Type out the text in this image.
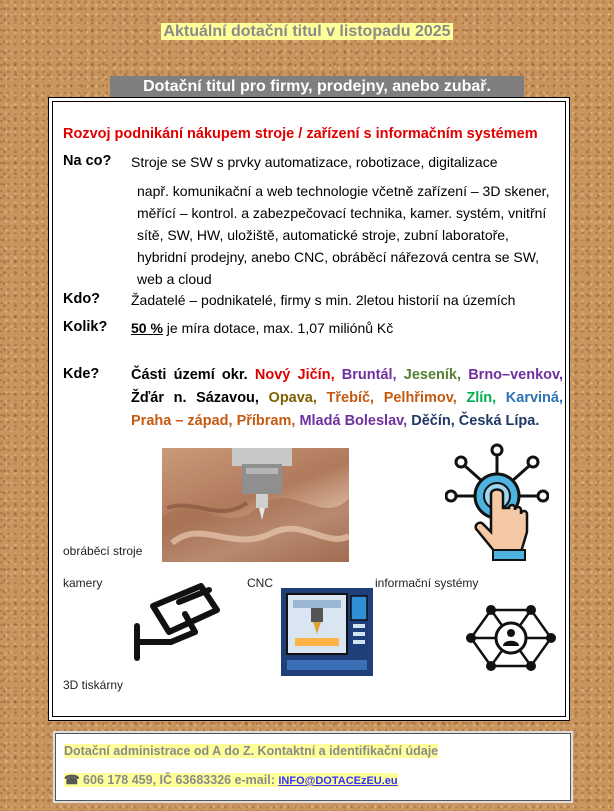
Aktuální dotační titul v listopadu 2025
Dotační titul pro firmy, prodejny, anebo zubař.
Rozvoj podnikání nákupem stroje / zařízení s informačním systémem
Na co? Stroje se SW s prvky automatizace, robotizace, digitalizace
např. komunikační a web technologie včetně zařízení – 3D skener, měřící – kontrol. a zabezpečovací technika, kamer. systém, vnitřní sítě, SW, HW, uložiště, automatické stroje, zubní laboratoře, hybridní prodejny, anebo CNC, obráběcí nářezová centra se SW, web a cloud
Kdo? Žadatelé – podnikatelé, firmy s min. 2letou historií na územích
Kolik? 50 % je míra dotace, max. 1,07 miliónů Kč
Kde? Části území okr. Nový Jičín, Bruntál, Jeseník, Brno–venkov, Žďár n. Sázavou, Opava, Třebíč, Pelhřimov, Zlín, Karviná, Praha – západ, Příbram, Mladá Boleslav, Děčín, Česká Lípa.
obráběcí stroje
kamery	CNC	informační systémy
3D tiskárny
Dotační administrace od A do Z. Kontaktní a identifikační údaje
☎ 606 178 459, IČ 63683326 e-mail: INFO@DOTACEzEU.eu
